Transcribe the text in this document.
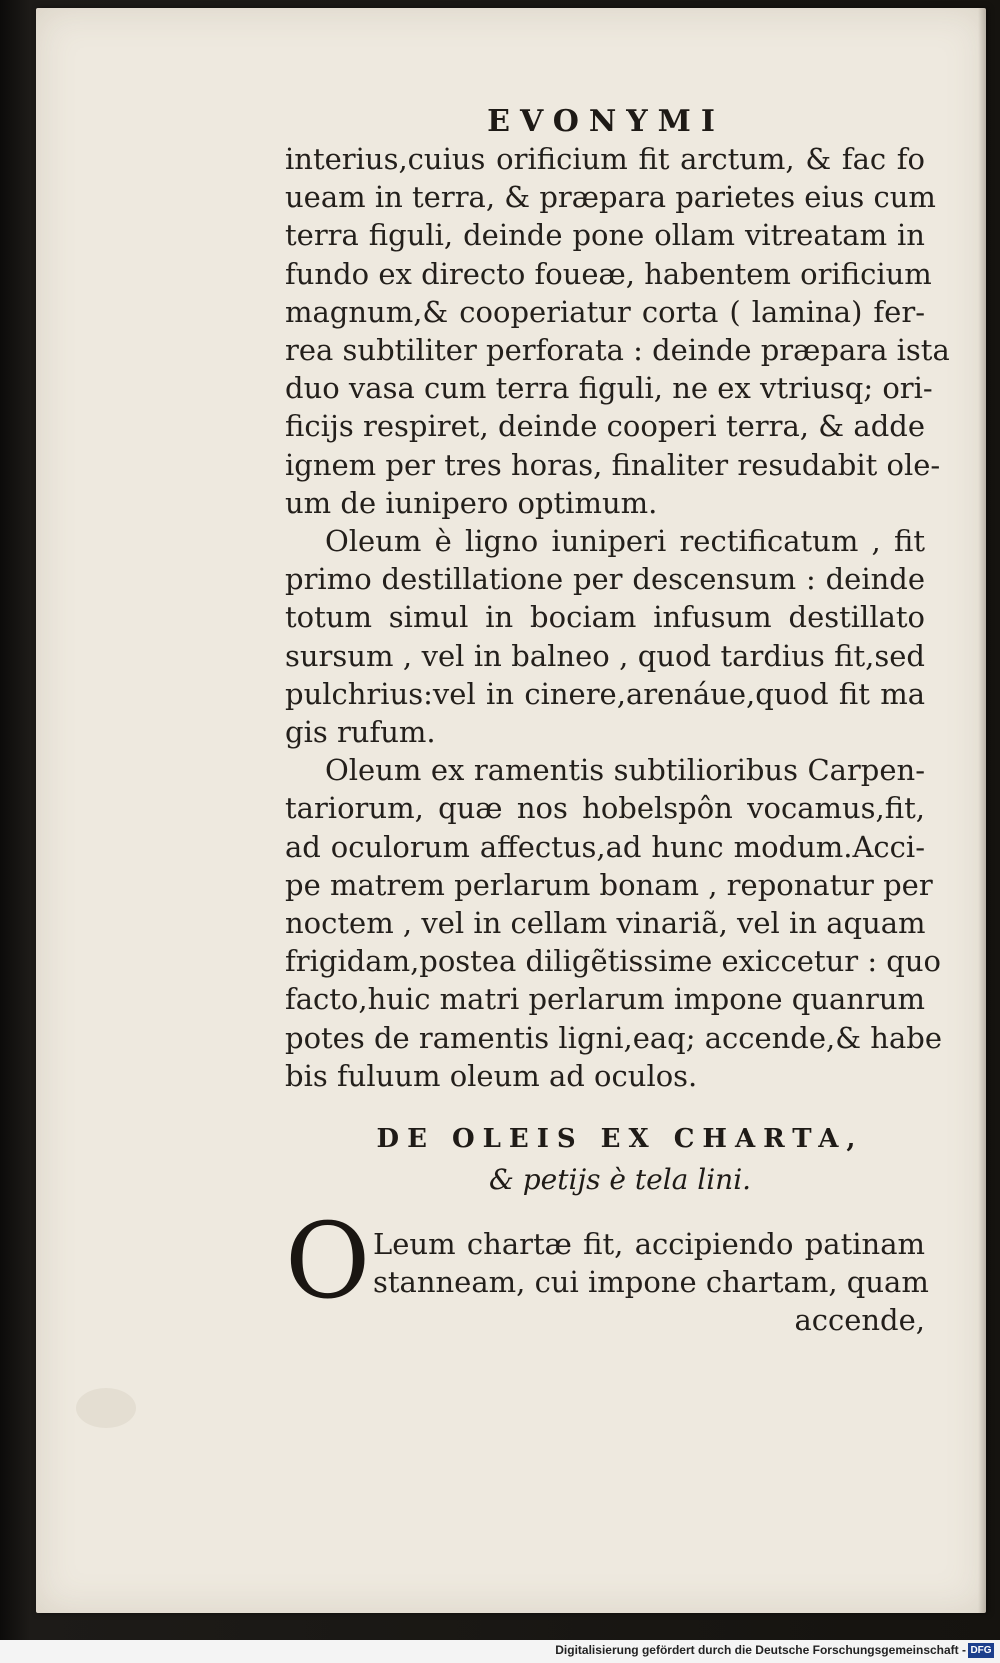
EVONYMI
interius,cuius orificium fit arctum, & fac fo
ueam in terra, & præpara parietes eius cum
terra figuli, deinde pone ollam vitreatam in
fundo ex directo foueæ, habentem orificium
magnum,& cooperiatur corta ( lamina) fer-
rea subtiliter perforata : deinde præpara ista
duo vasa cum terra figuli, ne ex vtriusq; ori-
ficijs respiret, deinde cooperi terra, & adde
ignem per tres horas, finaliter resudabit ole-
um de iunipero optimum.
Oleum è ligno iuniperi rectificatum , fit
primo destillatione per descensum : deinde
totum simul in bociam infusum destillato
sursum , vel in balneo , quod tardius fit,sed
pulchrius:vel in cinere,arenáue,quod fit ma
gis rufum.
Oleum ex ramentis subtilioribus Carpen-
tariorum, quæ nos hobelspôn vocamus,fit,
ad oculorum affectus,ad hunc modum.Acci-
pe matrem perlarum bonam , reponatur per
noctem , vel in cellam vinariã, vel in aquam
frigidam,postea diligẽtissime exiccetur : quo
facto,huic matri perlarum impone quanrum
potes de ramentis ligni,eaq; accende,& habe
bis fuluum oleum ad oculos.
DE OLEIS EX CHARTA,
& petijs è tela lini.
O Leum chartæ fit, accipiendo patinam
stanneam, cui impone chartam, quam
accende,
Digitalisierung gefördert durch die Deutsche Forschungsgemeinschaft - DFG
